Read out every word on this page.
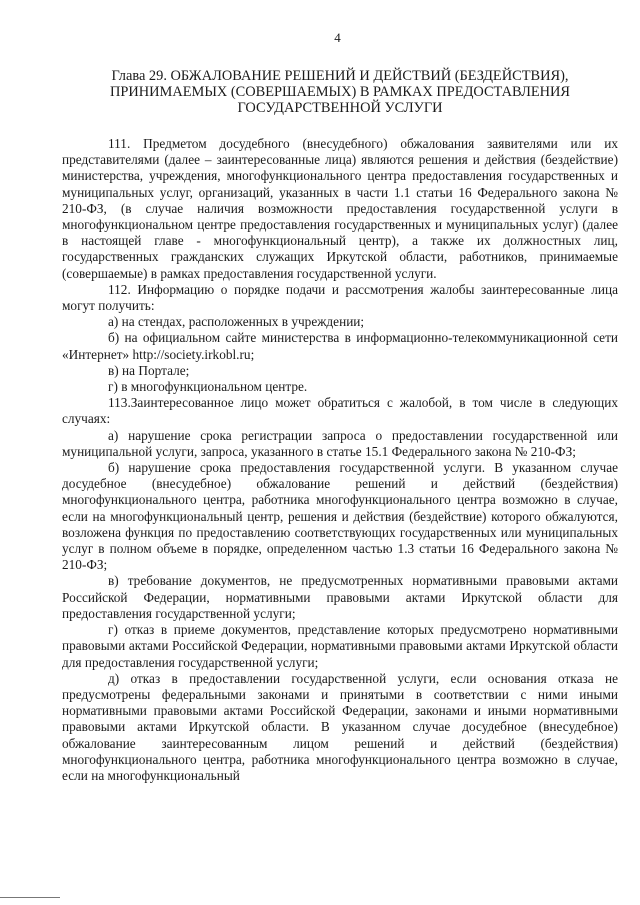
4
Глава 29. ОБЖАЛОВАНИЕ РЕШЕНИЙ И ДЕЙСТВИЙ (БЕЗДЕЙСТВИЯ),
ПРИНИМАЕМЫХ (СОВЕРШАЕМЫХ) В РАМКАХ ПРЕДОСТАВЛЕНИЯ
ГОСУДАРСТВЕННОЙ УСЛУГИ

111. Предметом досудебного (внесудебного) обжалования заявителями или их представителями (далее – заинтересованные лица) являются решения и действия (бездействие) министерства, учреждения, многофункционального центра предоставления государственных и муниципальных услуг, организаций, указанных в части 1.1 статьи 16 Федерального закона № 210-ФЗ, (в случае наличия возможности предоставления государственной услуги в многофункциональном центре предоставления государственных и муниципальных услуг) (далее в настоящей главе - многофункциональный центр), а также их должностных лиц, государственных гражданских служащих Иркутской области, работников, принимаемые (совершаемые) в рамках предоставления государственной услуги.

112. Информацию о порядке подачи и рассмотрения жалобы заинтересованные лица могут получить:

а) на стендах, расположенных в учреждении;

б) на официальном сайте министерства в информационно-телекоммуникационной сети «Интернет» http://society.irkobl.ru;

в) на Портале;

г) в многофункциональном центре.

113.Заинтересованное лицо может обратиться с жалобой, в том числе в следующих случаях:

а) нарушение срока регистрации запроса о предоставлении государственной или муниципальной услуги, запроса, указанного в статье 15.1 Федерального закона № 210-ФЗ;

б) нарушение срока предоставления государственной услуги. В указанном случае досудебное (внесудебное) обжалование решений и действий (бездействия) многофункционального центра, работника многофункционального центра возможно в случае, если на многофункциональный центр, решения и действия (бездействие) которого обжалуются, возложена функция по предоставлению соответствующих государственных или муниципальных услуг в полном объеме в порядке, определенном частью 1.3 статьи 16 Федерального закона № 210-ФЗ;

в) требование документов, не предусмотренных нормативными правовыми актами Российской Федерации, нормативными правовыми актами Иркутской области для предоставления государственной услуги;

г) отказ в приеме документов, представление которых предусмотрено нормативными правовыми актами Российской Федерации, нормативными правовыми актами Иркутской области для предоставления государственной услуги;

д) отказ в предоставлении государственной услуги, если основания отказа не предусмотрены федеральными законами и принятыми в соответствии с ними иными нормативными правовыми актами Российской Федерации, законами и иными нормативными правовыми актами Иркутской области. В указанном случае досудебное (внесудебное) обжалование заинтересованным лицом решений и действий (бездействия) многофункционального центра, работника многофункционального центра возможно в случае, если на многофункциональный
